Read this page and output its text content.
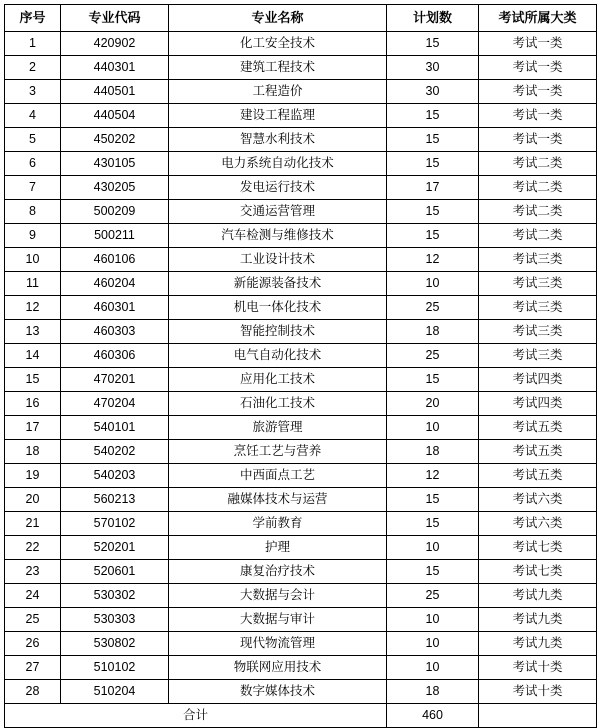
序号	专业代码	专业名称	计划数	考试所属大类
1	420902	化工安全技术	15	考试一类
2	440301	建筑工程技术	30	考试一类
3	440501	工程造价	30	考试一类
4	440504	建设工程监理	15	考试一类
5	450202	智慧水利技术	15	考试一类
6	430105	电力系统自动化技术	15	考试二类
7	430205	发电运行技术	17	考试二类
8	500209	交通运营管理	15	考试二类
9	500211	汽车检测与维修技术	15	考试二类
10	460106	工业设计技术	12	考试三类
11	460204	新能源装备技术	10	考试三类
12	460301	机电一体化技术	25	考试三类
13	460303	智能控制技术	18	考试三类
14	460306	电气自动化技术	25	考试三类
15	470201	应用化工技术	15	考试四类
16	470204	石油化工技术	20	考试四类
17	540101	旅游管理	10	考试五类
18	540202	烹饪工艺与营养	18	考试五类
19	540203	中西面点工艺	12	考试五类
20	560213	融媒体技术与运营	15	考试六类
21	570102	学前教育	15	考试六类
22	520201	护理	10	考试七类
23	520601	康复治疗技术	15	考试七类
24	530302	大数据与会计	25	考试九类
25	530303	大数据与审计	10	考试九类
26	530802	现代物流管理	10	考试九类
27	510102	物联网应用技术	10	考试十类
28	510204	数字媒体技术	18	考试十类
合计			460	
